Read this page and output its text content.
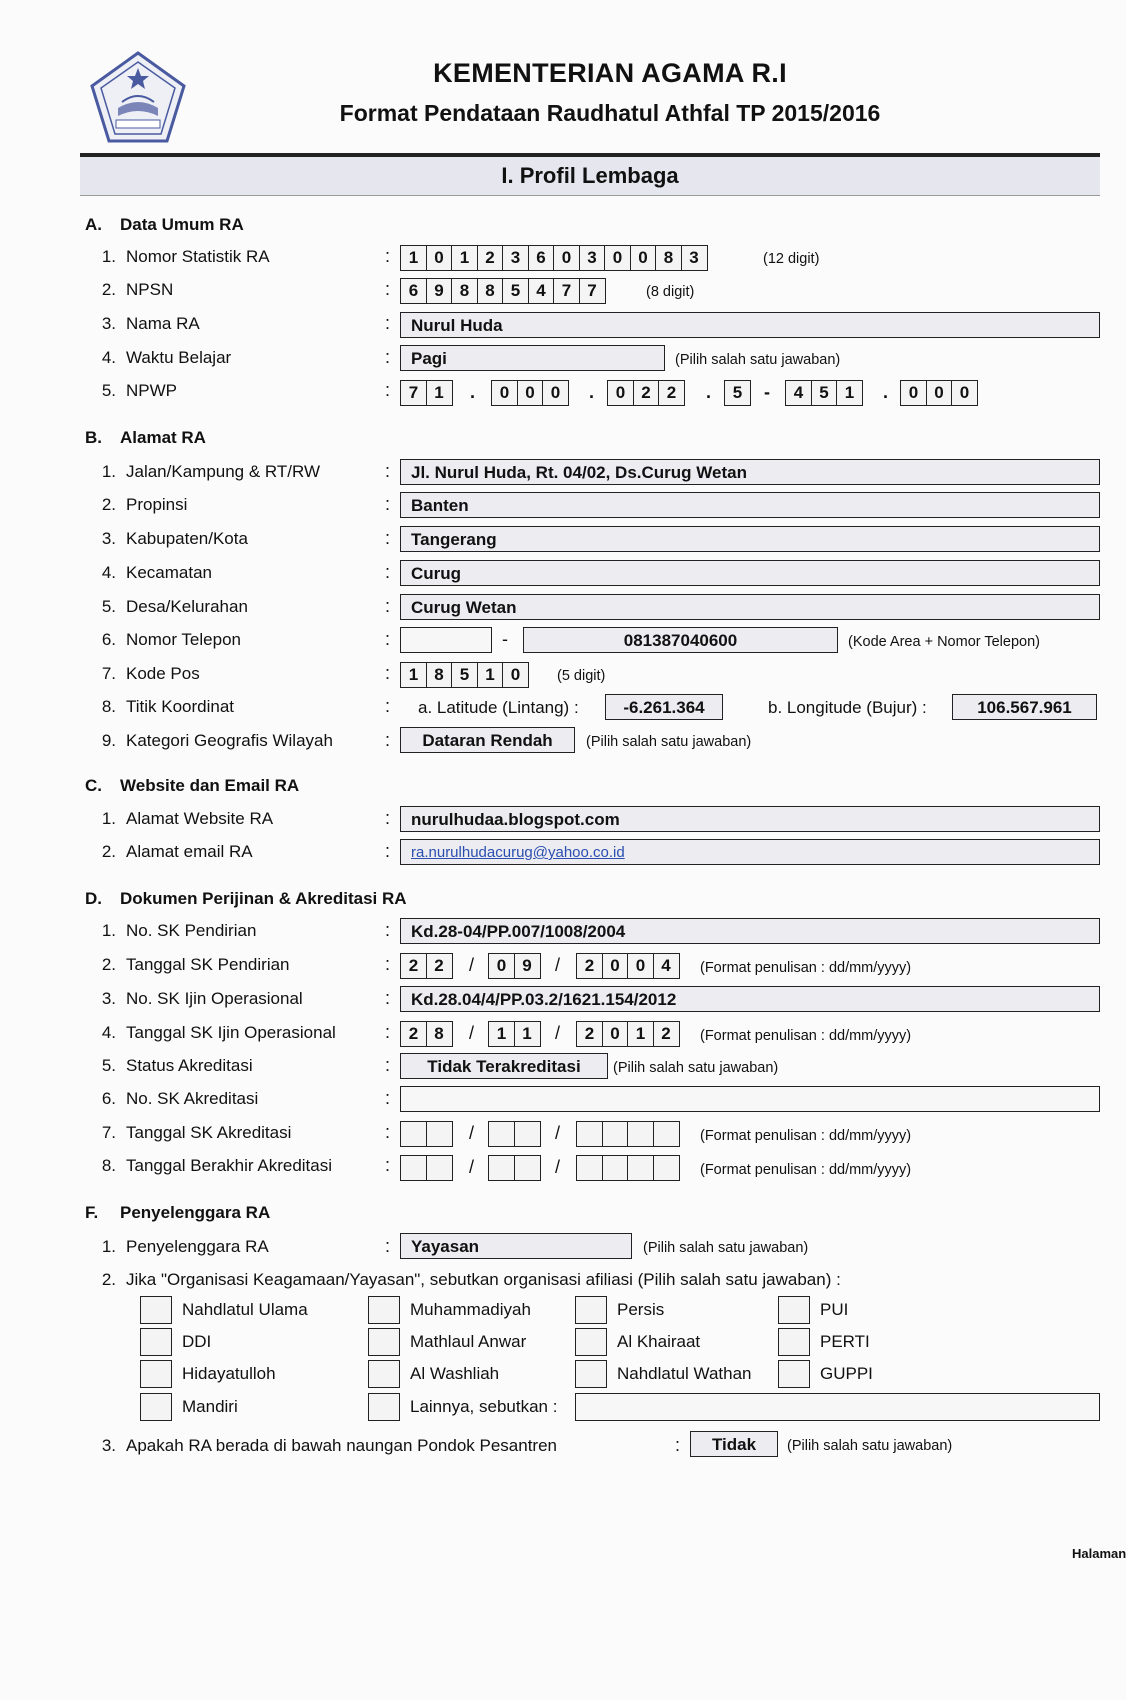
KEMENTERIAN AGAMA R.I
Format Pendataan Raudhatul Athfal TP 2015/2016
I. Profil Lembaga
A. Data Umum RA
1. Nomor Statistik RA	:	1 0 1 2 3 6 0 3 0 0 8 3	(12 digit)
2. NPSN	:	6 9 8 8 5 4 7 7	(8 digit)
3. Nama RA	:	Nurul Huda
4. Waktu Belajar	:	Pagi	(Pilih salah satu jawaban)
5. NPWP	:	7 1	.	0 0 0	.	0 2 2	.	5	-	4 5 1	.	0 0 0
B. Alamat RA
1. Jalan/Kampung & RT/RW	:	Jl. Nurul Huda, Rt. 04/02, Ds.Curug Wetan
2. Propinsi	:	Banten
3. Kabupaten/Kota	:	Tangerang
4. Kecamatan	:	Curug
5. Desa/Kelurahan	:	Curug Wetan
6. Nomor Telepon	:	-	081387040600	(Kode Area + Nomor Telepon)
7. Kode Pos	:	1 8 5 1 0	(5 digit)
8. Titik Koordinat	: a. Latitude (Lintang) :	-6.261.364	b. Longitude (Bujur) :	106.567.961
9. Kategori Geografis Wilayah	:	Dataran Rendah	(Pilih salah satu jawaban)
C. Website dan Email RA
1. Alamat Website RA	:	nurulhudaa.blogspot.com
2. Alamat email RA	:	ra.nurulhudacurug@yahoo.co.id
D. Dokumen Perijinan & Akreditasi RA
1. No. SK Pendirian	:	Kd.28-04/PP.007/1008/2004
2. Tanggal SK Pendirian	:	2 2	/	0 9	/	2 0 0 4	(Format penulisan : dd/mm/yyyy)
3. No. SK Ijin Operasional	:	Kd.28.04/4/PP.03.2/1621.154/2012
4. Tanggal SK Ijin Operasional	:	2 8	/	1 1	/	2 0 1 2	(Format penulisan : dd/mm/yyyy)
5. Status Akreditasi	:	Tidak Terakreditasi	(Pilih salah satu jawaban)
6. No. SK Akreditasi	:
7. Tanggal SK Akreditasi	:	/	/	(Format penulisan : dd/mm/yyyy)
8. Tanggal Berakhir Akreditasi	:	/	/	(Format penulisan : dd/mm/yyyy)
F. Penyelenggara RA
1. Penyelenggara RA	:	Yayasan	(Pilih salah satu jawaban)
2. Jika "Organisasi Keagamaan/Yayasan", sebutkan organisasi afiliasi (Pilih salah satu jawaban) :
Nahdlatul Ulama	Muhammadiyah	Persis	PUI
DDI	Mathlaul Anwar	Al Khairaat	PERTI
Hidayatulloh	Al Washliah	Nahdlatul Wathan	GUPPI
Mandiri	Lainnya, sebutkan :
3. Apakah RA berada di bawah naungan Pondok Pesantren	:	Tidak	(Pilih salah satu jawaban)
Halaman
